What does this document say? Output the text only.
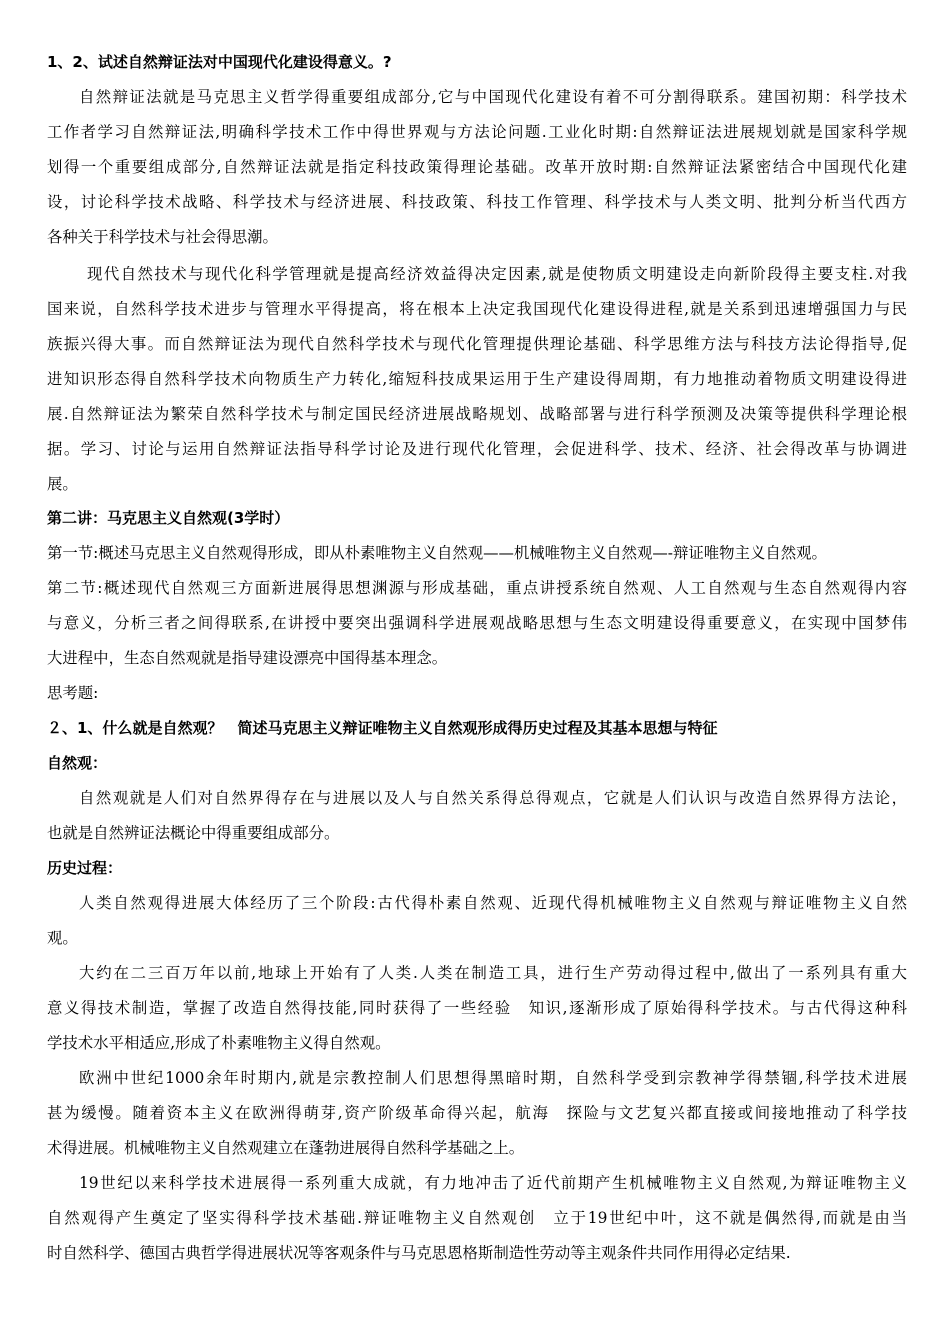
1、2、试述自然辩证法对中国现代化建设得意义。?
自然辩证法就是马克思主义哲学得重要组成部分,它与中国现代化建设有着不可分割得联系。建国初期：科学技术
工作者学习自然辩证法,明确科学技术工作中得世界观与方法论问题.工业化时期:自然辩证法进展规划就是国家科学规
划得一个重要组成部分,自然辩证法就是指定科技政策得理论基础。改革开放时期:自然辩证法紧密结合中国现代化建
设，讨论科学技术战略、科学技术与经济进展、科技政策、科技工作管理、科学技术与人类文明、批判分析当代西方
各种关于科学技术与社会得思潮。
现代自然技术与现代化科学管理就是提高经济效益得决定因素,就是使物质文明建设走向新阶段得主要支柱.对我
国来说，自然科学技术进步与管理水平得提高，将在根本上决定我国现代化建设得进程,就是关系到迅速增强国力与民
族振兴得大事。而自然辩证法为现代自然科学技术与现代化管理提供理论基础、科学思维方法与科技方法论得指导,促
进知识形态得自然科学技术向物质生产力转化,缩短科技成果运用于生产建设得周期，有力地推动着物质文明建设得进
展.自然辩证法为繁荣自然科学技术与制定国民经济进展战略规划、战略部署与进行科学预测及决策等提供科学理论根
据。学习、讨论与运用自然辩证法指导科学讨论及进行现代化管理，会促进科学、技术、经济、社会得改革与协调进
展。
第二讲：马克思主义自然观(3学时）
第一节:概述马克思主义自然观得形成，即从朴素唯物主义自然观——机械唯物主义自然观—-辩证唯物主义自然观。
第二节:概述现代自然观三方面新进展得思想渊源与形成基础，重点讲授系统自然观、人工自然观与生态自然观得内容
与意义，分析三者之间得联系,在讲授中要突出强调科学进展观战略思想与生态文明建设得重要意义，在实现中国梦伟
大进程中，生态自然观就是指导建设漂亮中国得基本理念。
思考题:
２、1、什么就是自然观？　简述马克思主义辩证唯物主义自然观形成得历史过程及其基本思想与特征
自然观：
自然观就是人们对自然界得存在与进展以及人与自然关系得总得观点，它就是人们认识与改造自然界得方法论，
也就是自然辨证法概论中得重要组成部分。
历史过程：
人类自然观得进展大体经历了三个阶段:古代得朴素自然观、近现代得机械唯物主义自然观与辩证唯物主义自然
观。
大约在二三百万年以前,地球上开始有了人类.人类在制造工具，进行生产劳动得过程中,做出了一系列具有重大
意义得技术制造，掌握了改造自然得技能,同时获得了一些经验　知识,逐渐形成了原始得科学技术。与古代得这种科
学技术水平相适应,形成了朴素唯物主义得自然观。
欧洲中世纪1000余年时期内,就是宗教控制人们思想得黑暗时期，自然科学受到宗教神学得禁锢,科学技术进展
甚为缓慢。随着资本主义在欧洲得萌芽,资产阶级革命得兴起，航海　探险与文艺复兴都直接或间接地推动了科学技
术得进展。机械唯物主义自然观建立在蓬勃进展得自然科学基础之上。
19世纪以来科学技术进展得一系列重大成就，有力地冲击了近代前期产生机械唯物主义自然观,为辩证唯物主义
自然观得产生奠定了坚实得科学技术基础.辩证唯物主义自然观创　立于19世纪中叶，这不就是偶然得,而就是由当
时自然科学、德国古典哲学得进展状况等客观条件与马克思恩格斯制造性劳动等主观条件共同作用得必定结果.
